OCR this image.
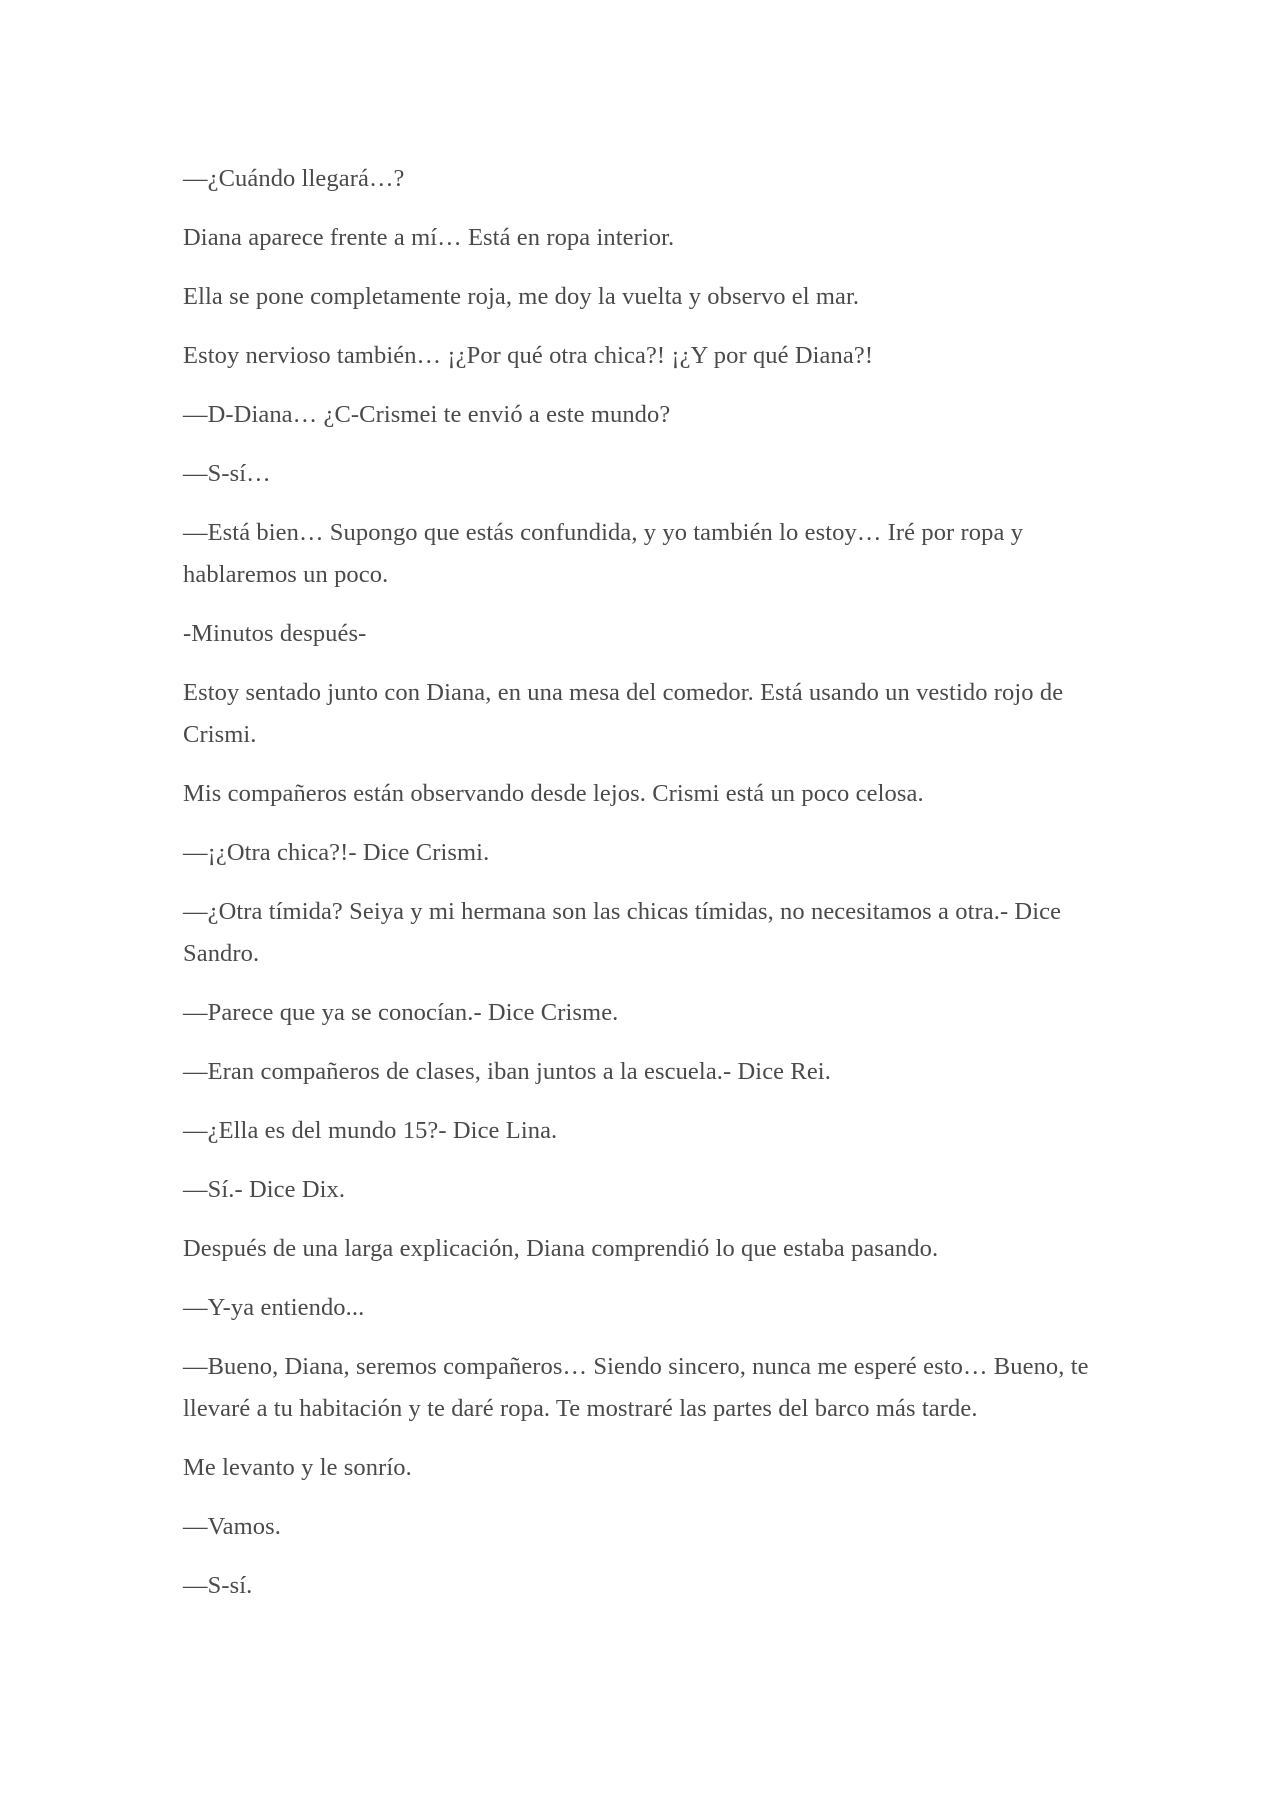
—¿Cuándo llegará…?

Diana aparece frente a mí… Está en ropa interior.

Ella se pone completamente roja, me doy la vuelta y observo el mar.

Estoy nervioso también… ¡¿Por qué otra chica?! ¡¿Y por qué Diana?!

—D-Diana… ¿C-Crismei te envió a este mundo?

—S-sí…

—Está bien… Supongo que estás confundida, y yo también lo estoy… Iré por ropa y hablaremos un poco.

-Minutos después-

Estoy sentado junto con Diana, en una mesa del comedor. Está usando un vestido rojo de Crismi.

Mis compañeros están observando desde lejos. Crismi está un poco celosa.

—¡¿Otra chica?!- Dice Crismi.

—¿Otra tímida? Seiya y mi hermana son las chicas tímidas, no necesitamos a otra.- Dice Sandro.

—Parece que ya se conocían.- Dice Crisme.

—Eran compañeros de clases, iban juntos a la escuela.- Dice Rei.

—¿Ella es del mundo 15?- Dice Lina.

—Sí.- Dice Dix.

Después de una larga explicación, Diana comprendió lo que estaba pasando.

—Y-ya entiendo...

—Bueno, Diana, seremos compañeros… Siendo sincero, nunca me esperé esto… Bueno, te llevaré a tu habitación y te daré ropa. Te mostraré las partes del barco más tarde.

Me levanto y le sonrío.

—Vamos.

—S-sí.
